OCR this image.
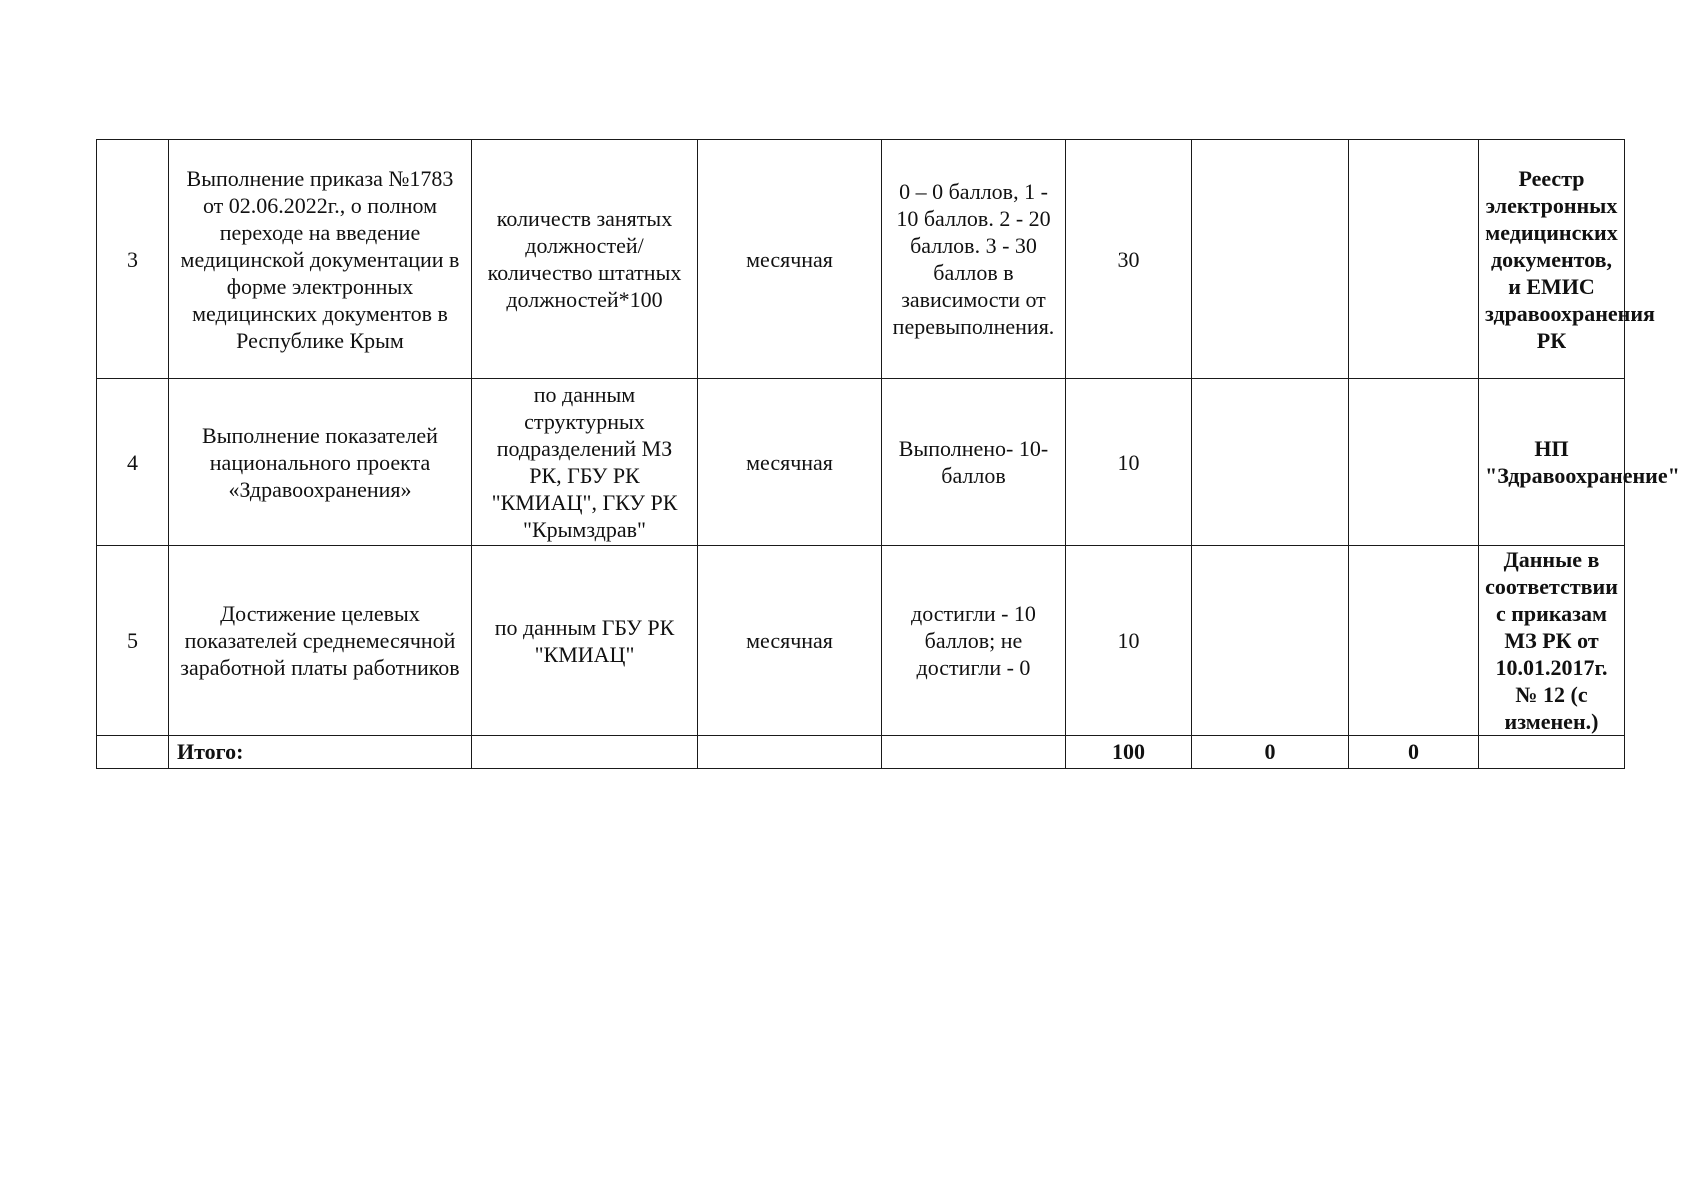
3	Выполнение приказа №1783 от 02.06.2022г., о полном переходе на введение медицинской документации в форме электронных медицинских документов в Республике Крым	количеств занятых должностей/количество штатных должностей*100	месячная	0 – 0 баллов, 1 - 10 баллов. 2 - 20 баллов. 3 - 30 баллов в зависимости от перевыполнения.	30			Реестр электронных медицинских документов, и ЕМИС здравоохранения РК
4	Выполнение показателей национального проекта «Здравоохранения»	по данным структурных подразделений МЗ РК, ГБУ РК "КМИАЦ", ГКУ РК "Крымздрав"	месячная	Выполнено- 10- баллов	10			НП "Здравоохранение"
5	Достижение целевых показателей среднемесячной заработной платы работников	по данным ГБУ РК "КМИАЦ"	месячная	достигли - 10 баллов; не достигли - 0	10			Данные в соответствии с приказам МЗ РК от 10.01.2017г. № 12 (с изменен.)
	Итого:				100	0	0	
